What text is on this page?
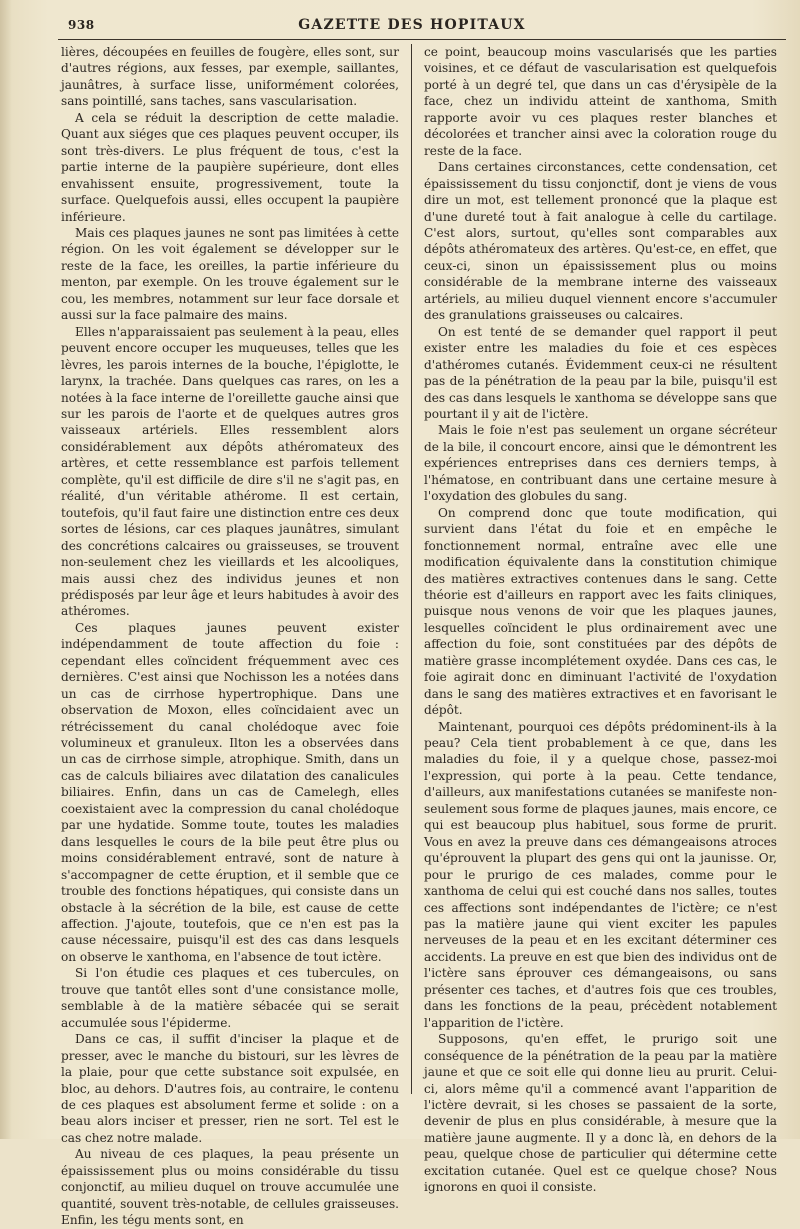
938	GAZETTE DES HOPITAUX

lières, découpées en feuilles de fougère, elles sont, sur d'autres régions, aux fesses, par exemple, saillantes, jaunâtres, à surface lisse, uniformément colorées, sans pointillé, sans taches, sans vascularisation.

A cela se réduit la description de cette maladie. Quant aux siéges que ces plaques peuvent occuper, ils sont très-divers. Le plus fréquent de tous, c'est la partie interne de la paupière supérieure, dont elles envahissent ensuite, progressivement, toute la surface. Quelquefois aussi, elles occupent la paupière inférieure.

Mais ces plaques jaunes ne sont pas limitées à cette région. On les voit également se développer sur le reste de la face, les oreilles, la partie inférieure du menton, par exemple. On les trouve également sur le cou, les membres, notamment sur leur face dorsale et aussi sur la face palmaire des mains.

Elles n'apparaissaient pas seulement à la peau, elles peuvent encore occuper les muqueuses, telles que les lèvres, les parois internes de la bouche, l'épiglotte, le larynx, la trachée. Dans quelques cas rares, on les a notées à la face interne de l'oreillette gauche ainsi que sur les parois de l'aorte et de quelques autres gros vaisseaux artériels. Elles ressemblent alors considérablement aux dépôts athéromateux des artères, et cette ressemblance est parfois tellement complète, qu'il est difficile de dire s'il ne s'agit pas, en réalité, d'un véritable athérome. Il est certain, toutefois, qu'il faut faire une distinction entre ces deux sortes de lésions, car ces plaques jaunâtres, simulant des concrétions calcaires ou graisseuses, se trouvent non-seulement chez les vieillards et les alcooliques, mais aussi chez des individus jeunes et non prédisposés par leur âge et leurs habitudes à avoir des athéromes.

Ces plaques jaunes peuvent exister indépendamment de toute affection du foie : cependant elles coïncident fréquemment avec ces dernières. C'est ainsi que Nochisson les a notées dans un cas de cirrhose hypertrophique. Dans une observation de Moxon, elles coïncidaient avec un rétrécissement du canal cholédoque avec foie volumineux et granuleux. Ilton les a observées dans un cas de cirrhose simple, atrophique. Smith, dans un cas de calculs biliaires avec dilatation des canalicules biliaires. Enfin, dans un cas de Camelegh, elles coexistaient avec la compression du canal cholédoque par une hydatide. Somme toute, toutes les maladies dans lesquelles le cours de la bile peut être plus ou moins considérablement entravé, sont de nature à s'accompagner de cette éruption, et il semble que ce trouble des fonctions hépatiques, qui consiste dans un obstacle à la sécrétion de la bile, est cause de cette affection. J'ajoute, toutefois, que ce n'en est pas la cause nécessaire, puisqu'il est des cas dans lesquels on observe le xanthoma, en l'absence de tout ictère.

Si l'on étudie ces plaques et ces tubercules, on trouve que tantôt elles sont d'une consistance molle, semblable à de la matière sébacée qui se serait accumulée sous l'épiderme.

Dans ce cas, il suffit d'inciser la plaque et de presser, avec le manche du bistouri, sur les lèvres de la plaie, pour que cette substance soit expulsée, en bloc, au dehors. D'autres fois, au contraire, le contenu de ces plaques est absolument ferme et solide : on a beau alors inciser et presser, rien ne sort. Tel est le cas chez notre malade.

Au niveau de ces plaques, la peau présente un épaississement plus ou moins considérable du tissu conjonctif, au milieu duquel on trouve accumulée une quantité, souvent très-notable, de cellules graisseuses. Enfin, les tégu ments sont, en

ce point, beaucoup moins vascularisés que les parties voisines, et ce défaut de vascularisation est quelquefois porté à un degré tel, que dans un cas d'érysipèle de la face, chez un individu atteint de xanthoma, Smith rapporte avoir vu ces plaques rester blanches et décolorées et trancher ainsi avec la coloration rouge du reste de la face.

Dans certaines circonstances, cette condensation, cet épaississement du tissu conjonctif, dont je viens de vous dire un mot, est tellement prononcé que la plaque est d'une dureté tout à fait analogue à celle du cartilage. C'est alors, surtout, qu'elles sont comparables aux dépôts athéromateux des artères. Qu'est-ce, en effet, que ceux-ci, sinon un épaississement plus ou moins considérable de la membrane interne des vaisseaux artériels, au milieu duquel viennent encore s'accumuler des granulations graisseuses ou calcaires.

On est tenté de se demander quel rapport il peut exister entre les maladies du foie et ces espèces d'athéromes cutanés. Évidemment ceux-ci ne résultent pas de la pénétration de la peau par la bile, puisqu'il est des cas dans lesquels le xanthoma se développe sans que pourtant il y ait de l'ictère.

Mais le foie n'est pas seulement un organe sécréteur de la bile, il concourt encore, ainsi que le démontrent les expériences entreprises dans ces derniers temps, à l'hématose, en contribuant dans une certaine mesure à l'oxydation des globules du sang.

On comprend donc que toute modification, qui survient dans l'état du foie et en empêche le fonctionnement normal, entraîne avec elle une modification équivalente dans la constitution chimique des matières extractives contenues dans le sang. Cette théorie est d'ailleurs en rapport avec les faits cliniques, puisque nous venons de voir que les plaques jaunes, lesquelles coïncident le plus ordinairement avec une affection du foie, sont constituées par des dépôts de matière grasse incomplétement oxydée. Dans ces cas, le foie agirait donc en diminuant l'activité de l'oxydation dans le sang des matières extractives et en favorisant le dépôt.

Maintenant, pourquoi ces dépôts prédominent-ils à la peau? Cela tient probablement à ce que, dans les maladies du foie, il y a quelque chose, passez-moi l'expression, qui porte à la peau. Cette tendance, d'ailleurs, aux manifestations cutanées se manifeste non-seulement sous forme de plaques jaunes, mais encore, ce qui est beaucoup plus habituel, sous forme de prurit. Vous en avez la preuve dans ces démangeaisons atroces qu'éprouvent la plupart des gens qui ont la jaunisse. Or, pour le prurigo de ces malades, comme pour le xanthoma de celui qui est couché dans nos salles, toutes ces affections sont indépendantes de l'ictère; ce n'est pas la matière jaune qui vient exciter les papules nerveuses de la peau et en les excitant déterminer ces accidents. La preuve en est que bien des individus ont de l'ictère sans éprouver ces démangeaisons, ou sans présenter ces taches, et d'autres fois que ces troubles, dans les fonctions de la peau, précèdent notablement l'apparition de l'ictère.

Supposons, qu'en effet, le prurigo soit une conséquence de la pénétration de la peau par la matière jaune et que ce soit elle qui donne lieu au prurit. Celui-ci, alors même qu'il a commencé avant l'apparition de l'ictère devrait, si les choses se passaient de la sorte, devenir de plus en plus considérable, à mesure que la matière jaune augmente. Il y a donc là, en dehors de la peau, quelque chose de particulier qui détermine cette excitation cutanée. Quel est ce quelque chose? Nous ignorons en quoi il consiste.
